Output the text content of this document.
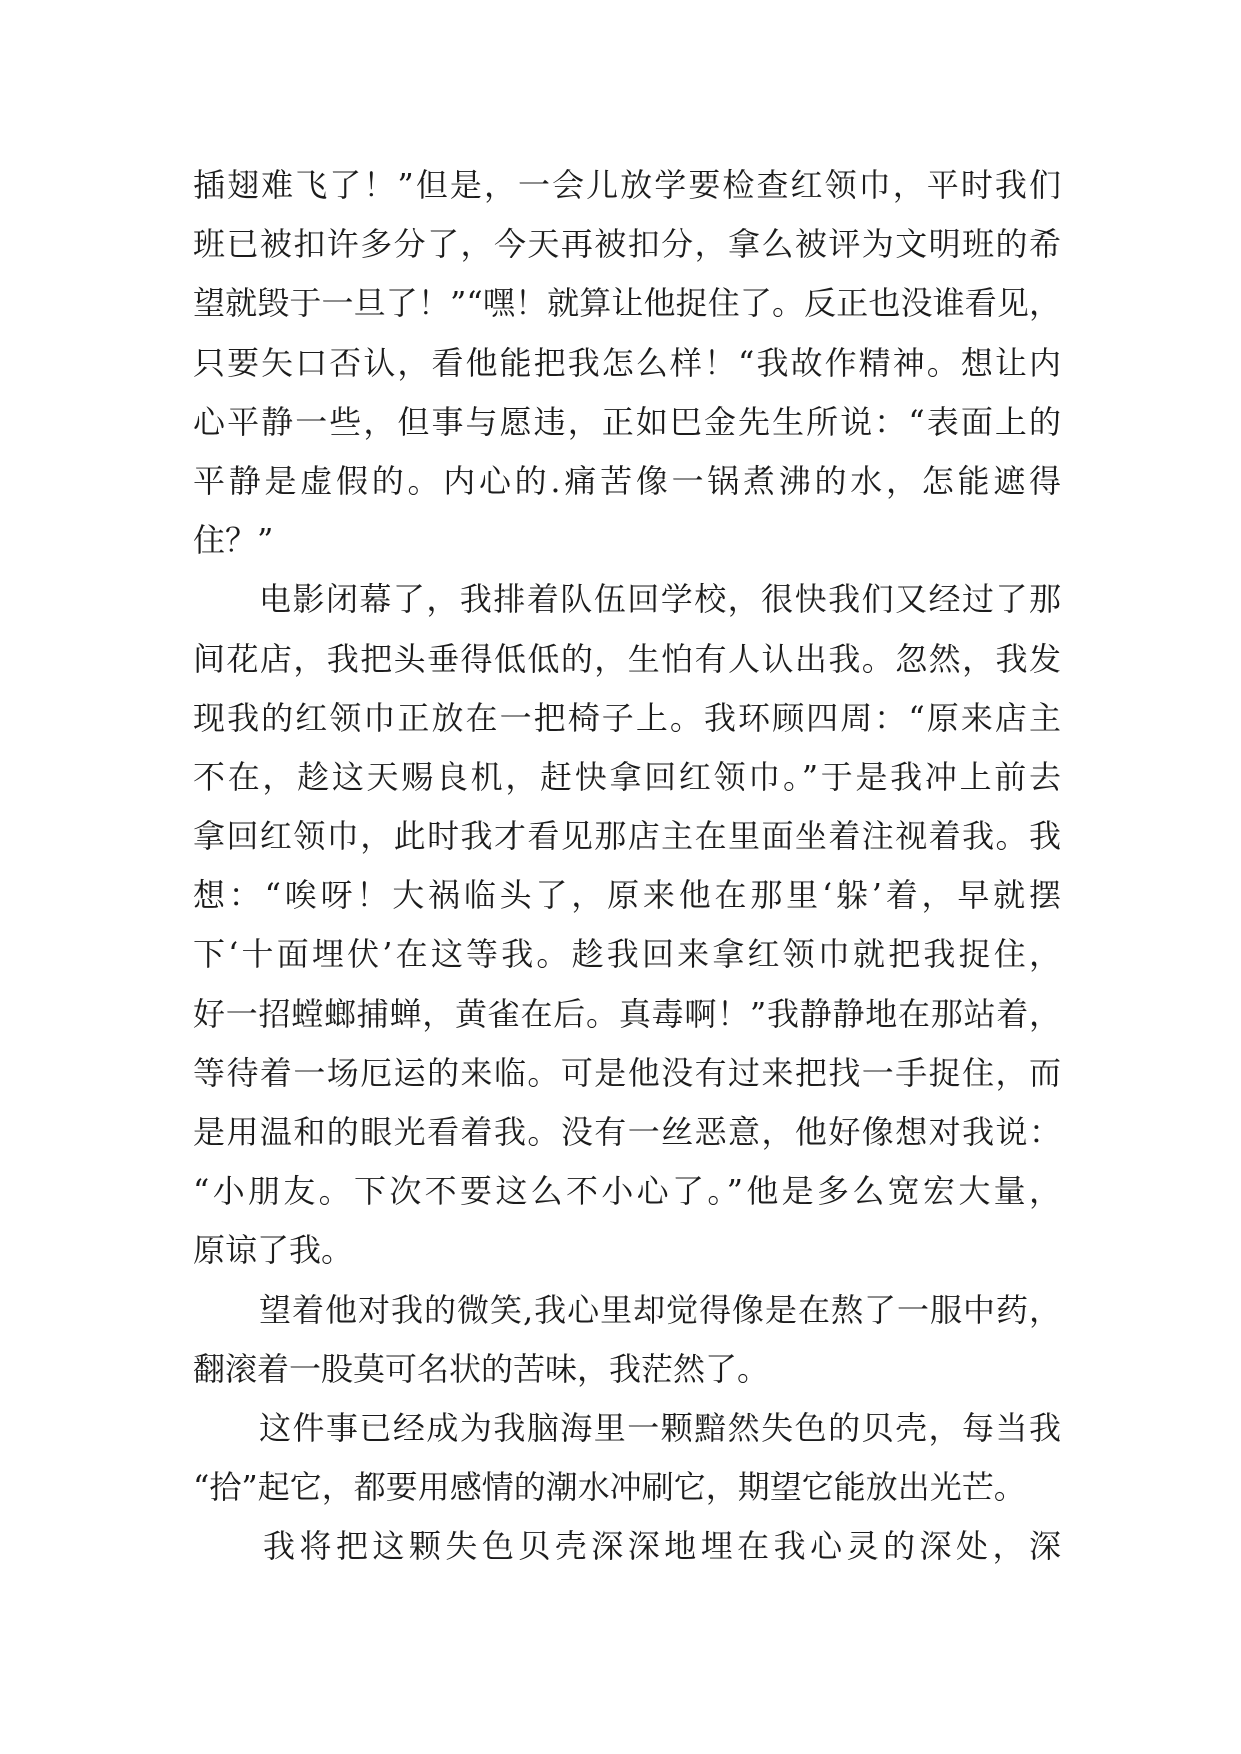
插翅难飞了！”但是，一会儿放学要检查红领巾，平时我们
班已被扣许多分了，今天再被扣分，拿么被评为文明班的希
望就毁于一旦了！”“嘿！就算让他捉住了。反正也没谁看见，
只要矢口否认，看他能把我怎么样！“我故作精神。想让内
心平静一些，但事与愿违，正如巴金先生所说：“表面上的
平静是虚假的。内心的.痛苦像一锅煮沸的水，怎能遮得
住？”
电影闭幕了，我排着队伍回学校，很快我们又经过了那
间花店，我把头垂得低低的，生怕有人认出我。忽然，我发
现我的红领巾正放在一把椅子上。我环顾四周：“原来店主
不在，趁这天赐良机，赶快拿回红领巾。”于是我冲上前去
拿回红领巾，此时我才看见那店主在里面坐着注视着我。我
想：“唉呀！大祸临头了，原来他在那里‘躲’着，早就摆
下‘十面埋伏’在这等我。趁我回来拿红领巾就把我捉住，
好一招螳螂捕蝉，黄雀在后。真毒啊！”我静静地在那站着，
等待着一场厄运的来临。可是他没有过来把找一手捉住，而
是用温和的眼光看着我。没有一丝恶意，他好像想对我说：
“小朋友。下次不要这么不小心了。”他是多么宽宏大量，
原谅了我。
望着他对我的微笑,我心里却觉得像是在熬了一服中药，
翻滚着一股莫可名状的苦味，我茫然了。
这件事已经成为我脑海里一颗黯然失色的贝壳，每当我
“拾”起它，都要用感情的潮水冲刷它，期望它能放出光芒。
我将把这颗失色贝壳深深地埋在我心灵的深处，深
